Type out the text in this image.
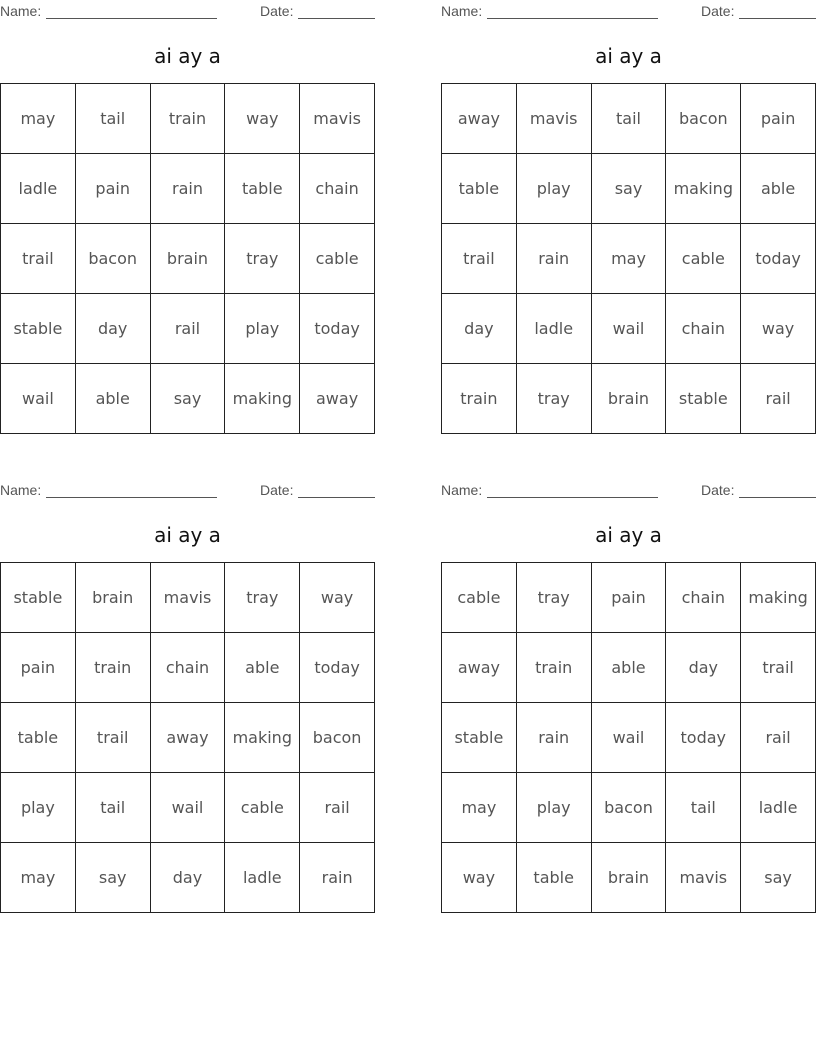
Name:	Date:
ai ay a
may	tail	train	way	mavis
ladle	pain	rain	table	chain
trail	bacon	brain	tray	cable
stable	day	rail	play	today
wail	able	say	making	away
Name:	Date:
ai ay a
away	mavis	tail	bacon	pain
table	play	say	making	able
trail	rain	may	cable	today
day	ladle	wail	chain	way
train	tray	brain	stable	rail
Name:	Date:
ai ay a
stable	brain	mavis	tray	way
pain	train	chain	able	today
table	trail	away	making	bacon
play	tail	wail	cable	rail
may	say	day	ladle	rain
Name:	Date:
ai ay a
cable	tray	pain	chain	making
away	train	able	day	trail
stable	rain	wail	today	rail
may	play	bacon	tail	ladle
way	table	brain	mavis	say
